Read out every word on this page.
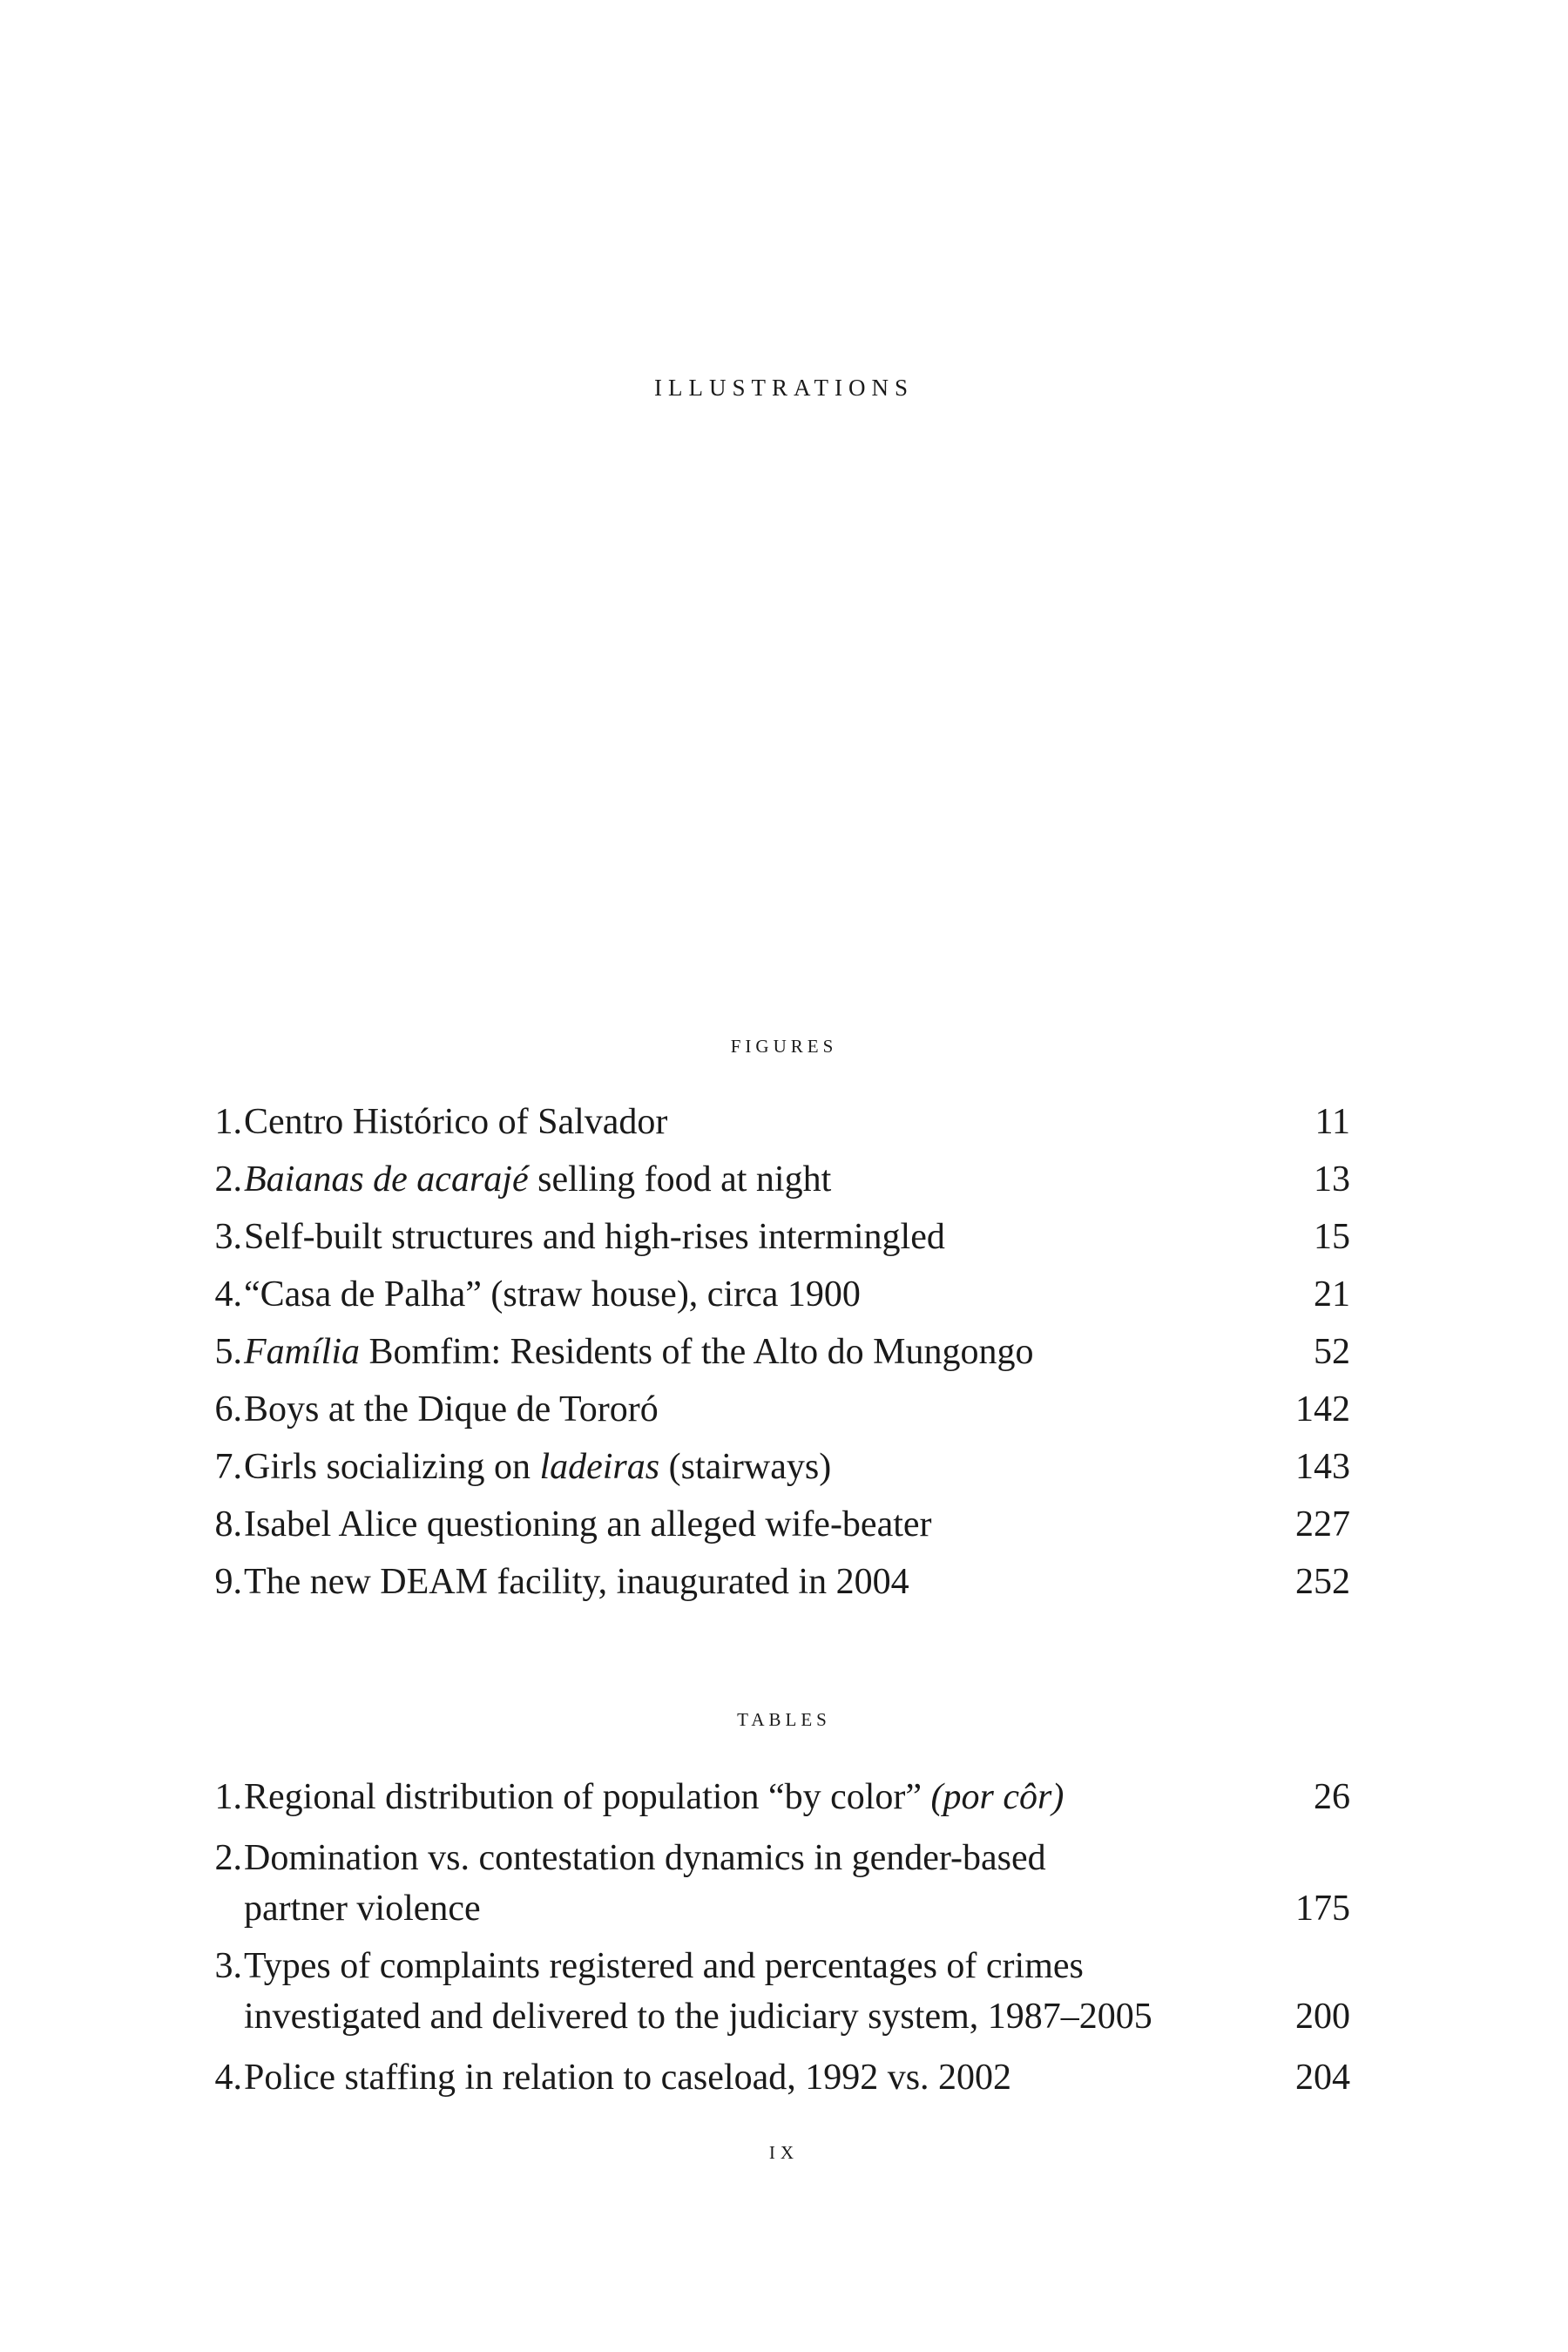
illustrations
figures
1. Centro Histórico of Salvador	11
2. Baianas de acarajé selling food at night	13
3. Self-built structures and high-rises intermingled	15
4. “Casa de Palha” (straw house), circa 1900	21
5. Família Bomfim: Residents of the Alto do Mungongo	52
6. Boys at the Dique de Tororó	142
7. Girls socializing on ladeiras (stairways)	143
8. Isabel Alice questioning an alleged wife-beater	227
9. The new DEAM facility, inaugurated in 2004	252
tables
1. Regional distribution of population “by color” (por côr)	26
2. Domination vs. contestation dynamics in gender-based
partner violence	175
3. Types of complaints registered and percentages of crimes
investigated and delivered to the judiciary system, 1987–2005	200
4. Police staffing in relation to caseload, 1992 vs. 2002	204
ix
